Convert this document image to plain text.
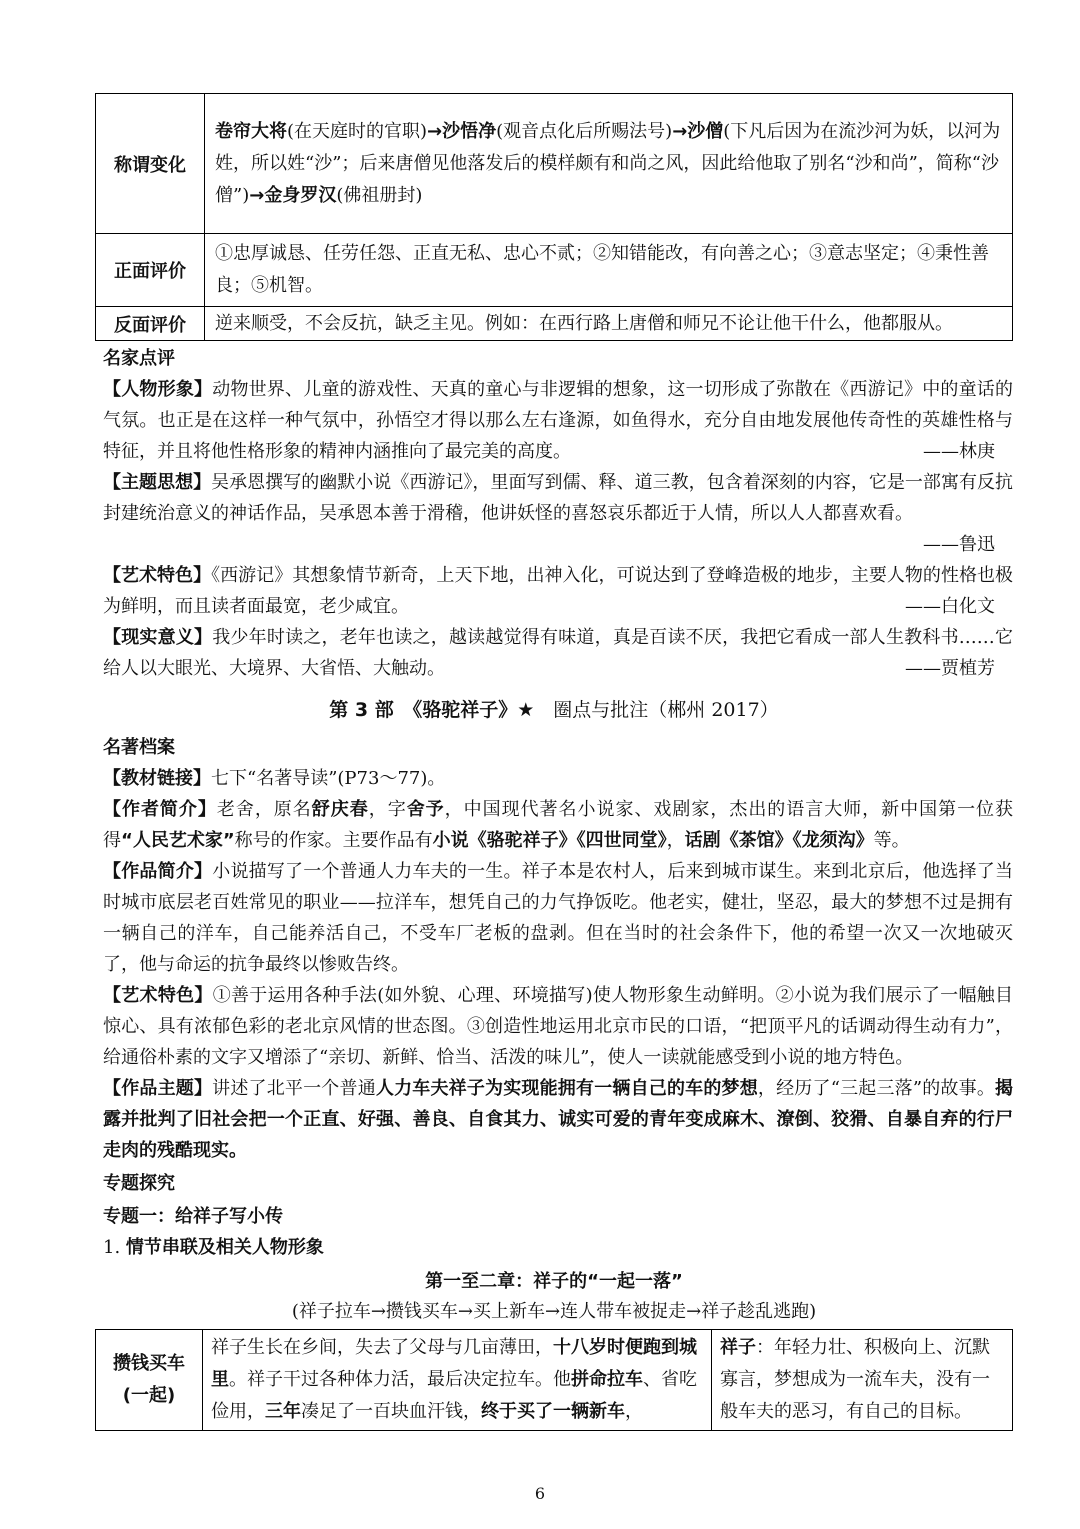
称谓变化	卷帘大将(在天庭时的官职)→沙悟净(观音点化后所赐法号)→沙僧(下凡后因为在流沙河为妖，以河为 姓，所以姓“沙”；后来唐僧见他落发后的模样颇有和尚之风，因此给他取了别名“沙和尚”，简称“沙僧”)→金身罗汉(佛祖册封)
正面评价	①忠厚诚恳、任劳任怨、正直无私、忠心不贰；②知错能改，有向善之心；③意志坚定；④秉性善良；⑤机智。
反面评价	逆来顺受，不会反抗，缺乏主见。例如：在西行路上唐僧和师兄不论让他干什么，他都服从。
名家点评

【人物形象】动物世界、儿童的游戏性、天真的童心与非逻辑的想象，这一切形成了弥散在《西游记》中的童话的气氛。也正是在这样一种气氛中，孙悟空才得以那么左右逢源，如鱼得水，充分自由地发展他传奇性的英雄性格与特征，并且将他性格形象的精神内涵推向了最完美的高度。	——林庚

【主题思想】吴承恩撰写的幽默小说《西游记》，里面写到儒、释、道三教，包含着深刻的内容，它是一部寓有反抗封建统治意义的神话作品，吴承恩本善于滑稽，他讲妖怪的喜怒哀乐都近于人情，所以人人都喜欢看。

——鲁迅

【艺术特色】《西游记》其想象情节新奇，上天下地，出神入化，可说达到了登峰造极的地步，主要人物的性格也极为鲜明，而且读者面最宽，老少咸宜。	——白化文

【现实意义】我少年时读之，老年也读之，越读越觉得有味道，真是百读不厌，我把它看成一部人生教科书……它给人以大眼光、大境界、大省悟、大触动。	——贾植芳

第 3 部　《骆驼祥子》★　圈点与批注（郴州 2017）
名著档案

【教材链接】七下“名著导读”(P73～77)。

【作者简介】老舍，原名舒庆春，字舍予，中国现代著名小说家、戏剧家，杰出的语言大师，新中国第一位获得“人民艺术家”称号的作家。主要作品有小说《骆驼祥子》《四世同堂》，话剧《茶馆》《龙须沟》等。

【作品简介】小说描写了一个普通人力车夫的一生。祥子本是农村人，后来到城市谋生。来到北京后，他选择了当时城市底层老百姓常见的职业——拉洋车，想凭自己的力气挣饭吃。他老实，健壮，坚忍，最大的梦想不过是拥有一辆自己的洋车，自己能养活自己，不受车厂老板的盘剥。但在当时的社会条件下，他的希望一次又一次地破灭了，他与命运的抗争最终以惨败告终。

【艺术特色】①善于运用各种手法(如外貌、心理、环境描写)使人物形象生动鲜明。②小说为我们展示了一幅触目惊心、具有浓郁色彩的老北京风情的世态图。③创造性地运用北京市民的口语，“把顶平凡的话调动得生动有力”，给通俗朴素的文字又增添了“亲切、新鲜、恰当、活泼的味儿”，使人一读就能感受到小说的地方特色。

【作品主题】讲述了北平一个普通人力车夫祥子为实现能拥有一辆自己的车的梦想，经历了“三起三落”的故事。揭露并批判了旧社会把一个正直、好强、善良、自食其力、诚实可爱的青年变成麻木、潦倒、狡猾、自暴自弃的行尸走肉的残酷现实。

专题探究
专题一：给祥子写小传
1. 情节串联及相关人物形象
第一至二章：祥子的“一起一落”
(祥子拉车→攒钱买车→买上新车→连人带车被捉走→祥子趁乱逃跑)
攒钱买车
(一起)
	祥子生长在乡间，失去了父母与几亩薄田，十八岁时便跑到城里。祥子干过各种体力活，最后决定拉车。他拼命拉车、省吃俭用，三年凑足了一百块血汗钱，终于买了一辆新车，	祥子：年轻力壮、积极向上、沉默寡言，梦想成为一流车夫，没有一般车夫的恶习，有自己的目标。
6
